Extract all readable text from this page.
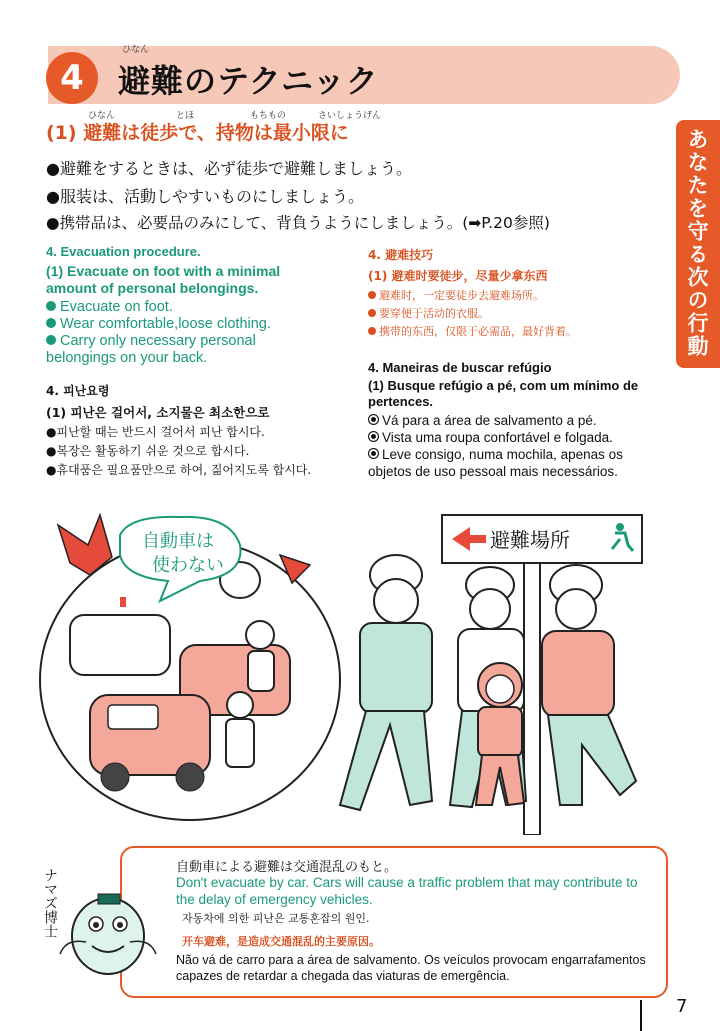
4	避難のテクニック
ひなん
あなたを守る次の行動
ひなん	とほ	もちもの	さいしょうげん
(1) 避難は徒歩で、持物は最小限に
●避難をするときは、必ず徒歩で避難しましょう。
●服装は、活動しやすいものにしましょう。
●携帯品は、必要品のみにして、背負うようにしましょう。(➡P.20参照)
4. Evacuation procedure.
(1) Evacuate on foot with a minimal amount of personal belongings.
Evacuate on foot.
Wear comfortable,loose clothing.
Carry only necessary personal belongings on your back.
4. 避难技巧
(1) 避难时要徒步，尽量少拿东西
避难时，一定要徒步去避难场所。
要穿便于活动的衣服。
携带的东西，仅限于必需品，最好背着。
4. 피난요령
(1) 피난은 걸어서, 소지물은 최소한으로
●피난할 때는 반드시 걸어서 피난 합시다.
●복장은 활동하기 쉬운 것으로 합시다.
●휴대품은 필요품만으로 하여, 짊어지도록 합시다.
4. Maneiras de buscar refúgio
(1) Busque refúgio a pé, com um mínimo de pertences.
Vá para a área de salvamento a pé.
Vista uma roupa confortável e folgada.
Leve consigo, numa mochila, apenas os objetos de uso pessoal mais necessários.
自動車は
使わない
避難場所
ナマズ博士
自動車による避難は交通混乱のもと。
Don't evacuate by car. Cars will cause a traffic problem that may contribute to the delay of emergency vehicles.
자동차에 의한 피난은 교통혼잡의 원인.
开车避难，是造成交通混乱的主要原因。
Não vá de carro para a área de salvamento. Os veículos provocam engarrafamentos capazes de retardar a chegada das viaturas de emergência.
7
